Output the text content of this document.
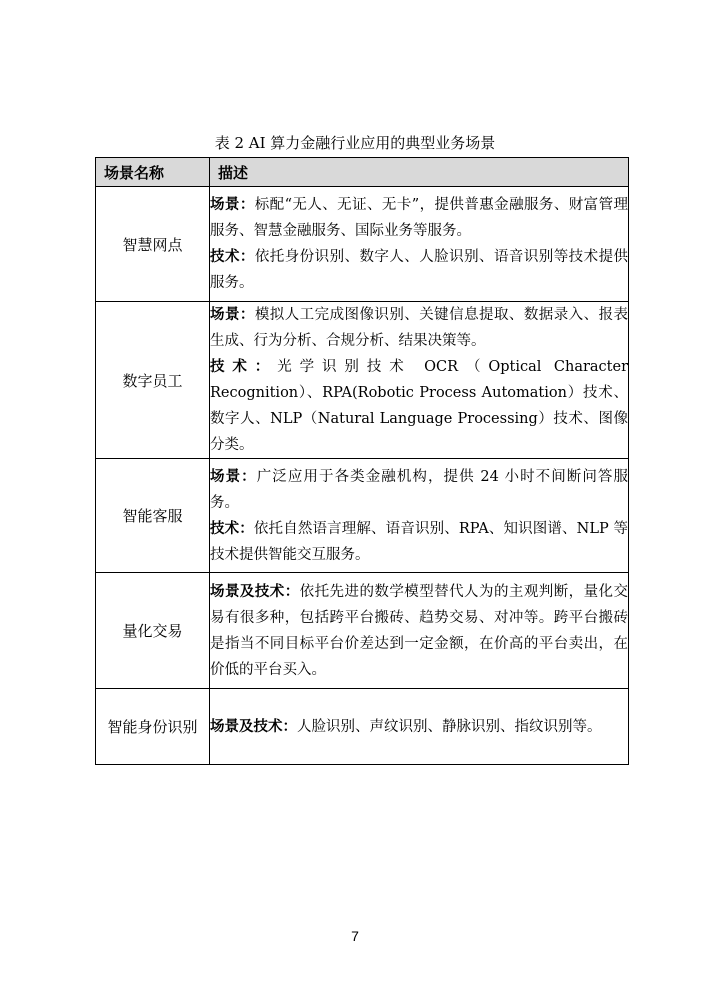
表 2 AI 算力金融行业应用的典型业务场景
场景名称	描述
智慧网点	场景：标配“无人、无证、无卡”，提供普惠金融服务、财富管理服务、智慧金融服务、国际业务等服务。

技术：依托身份识别、数字人、人脸识别、语音识别等技术提供服务。

数字员工	场景：模拟人工完成图像识别、关键信息提取、数据录入、报表生成、行为分析、合规分析、结果决策等。

技术：光学识别技术 OCR（Optical Character Recognition）、RPA(Robotic Process Automation）技术、数字人、NLP（Natural Language Processing）技术、图像分类。

智能客服	场景：广泛应用于各类金融机构，提供 24 小时不间断问答服务。

技术：依托自然语言理解、语音识别、RPA、知识图谱、NLP 等技术提供智能交互服务。

量化交易	场景及技术：依托先进的数学模型替代人为的主观判断，量化交易有很多种，包括跨平台搬砖、趋势交易、对冲等。跨平台搬砖是指当不同目标平台价差达到一定金额，在价高的平台卖出，在价低的平台买入。

智能身份识别	场景及技术：人脸识别、声纹识别、静脉识别、指纹识别等。

7
